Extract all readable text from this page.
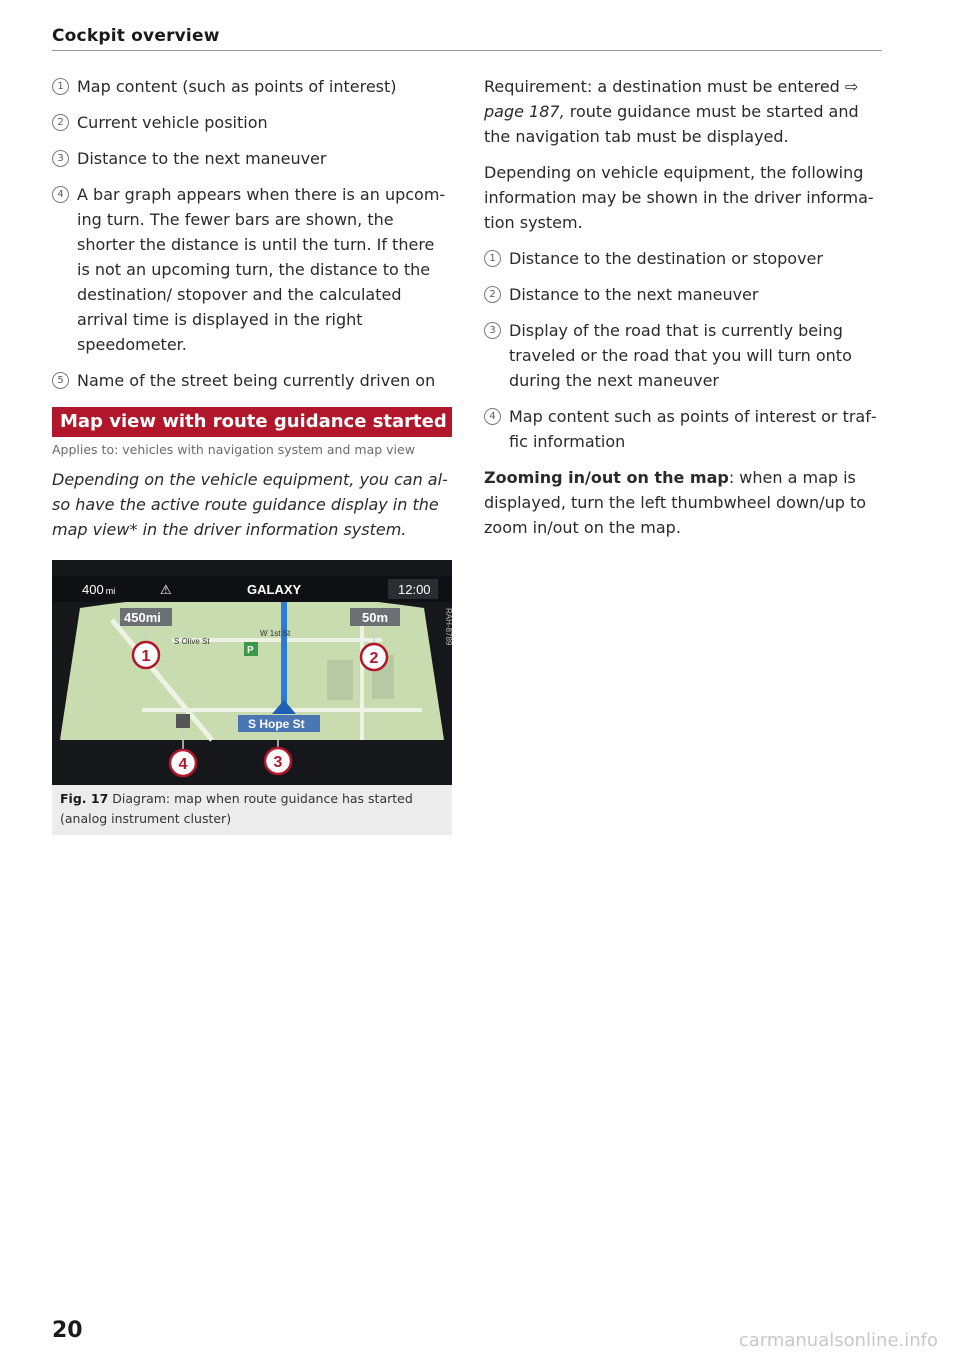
Cockpit overview
1 Map content (such as points of interest)
2 Current vehicle position
3 Distance to the next maneuver
4 A bar graph appears when there is an upcoming turn. The fewer bars are shown, the shorter the distance is until the turn. If there is not an upcoming turn, the distance to the destination/ stopover and the calculated arrival time is displayed in the right speedometer.
5 Name of the street being currently driven on
Map view with route guidance started
Applies to: vehicles with navigation system and map view

Depending on the vehicle equipment, you can also have the active route guidance display in the map view* in the driver information system.

400 mi	⚠	GALAXY	12:00
450mi	50m
S Olive St
W 1st St
P
S Hope St
1	2
3
4
RAH-8789
Fig. 17 Diagram: map when route guidance has started (analog instrument cluster)

Requirement: a destination must be entered ⇨ page 187, route guidance must be started and the navigation tab must be displayed.

Depending on vehicle equipment, the following information may be shown in the driver information system.

1 Distance to the destination or stopover
2 Distance to the next maneuver
3 Display of the road that is currently being traveled or the road that you will turn onto during the next maneuver
4 Map content such as points of interest or traffic information

Zooming in/out on the map: when a map is displayed, turn the left thumbwheel down/up to zoom in/out on the map.

20	carmanualsonline.info
